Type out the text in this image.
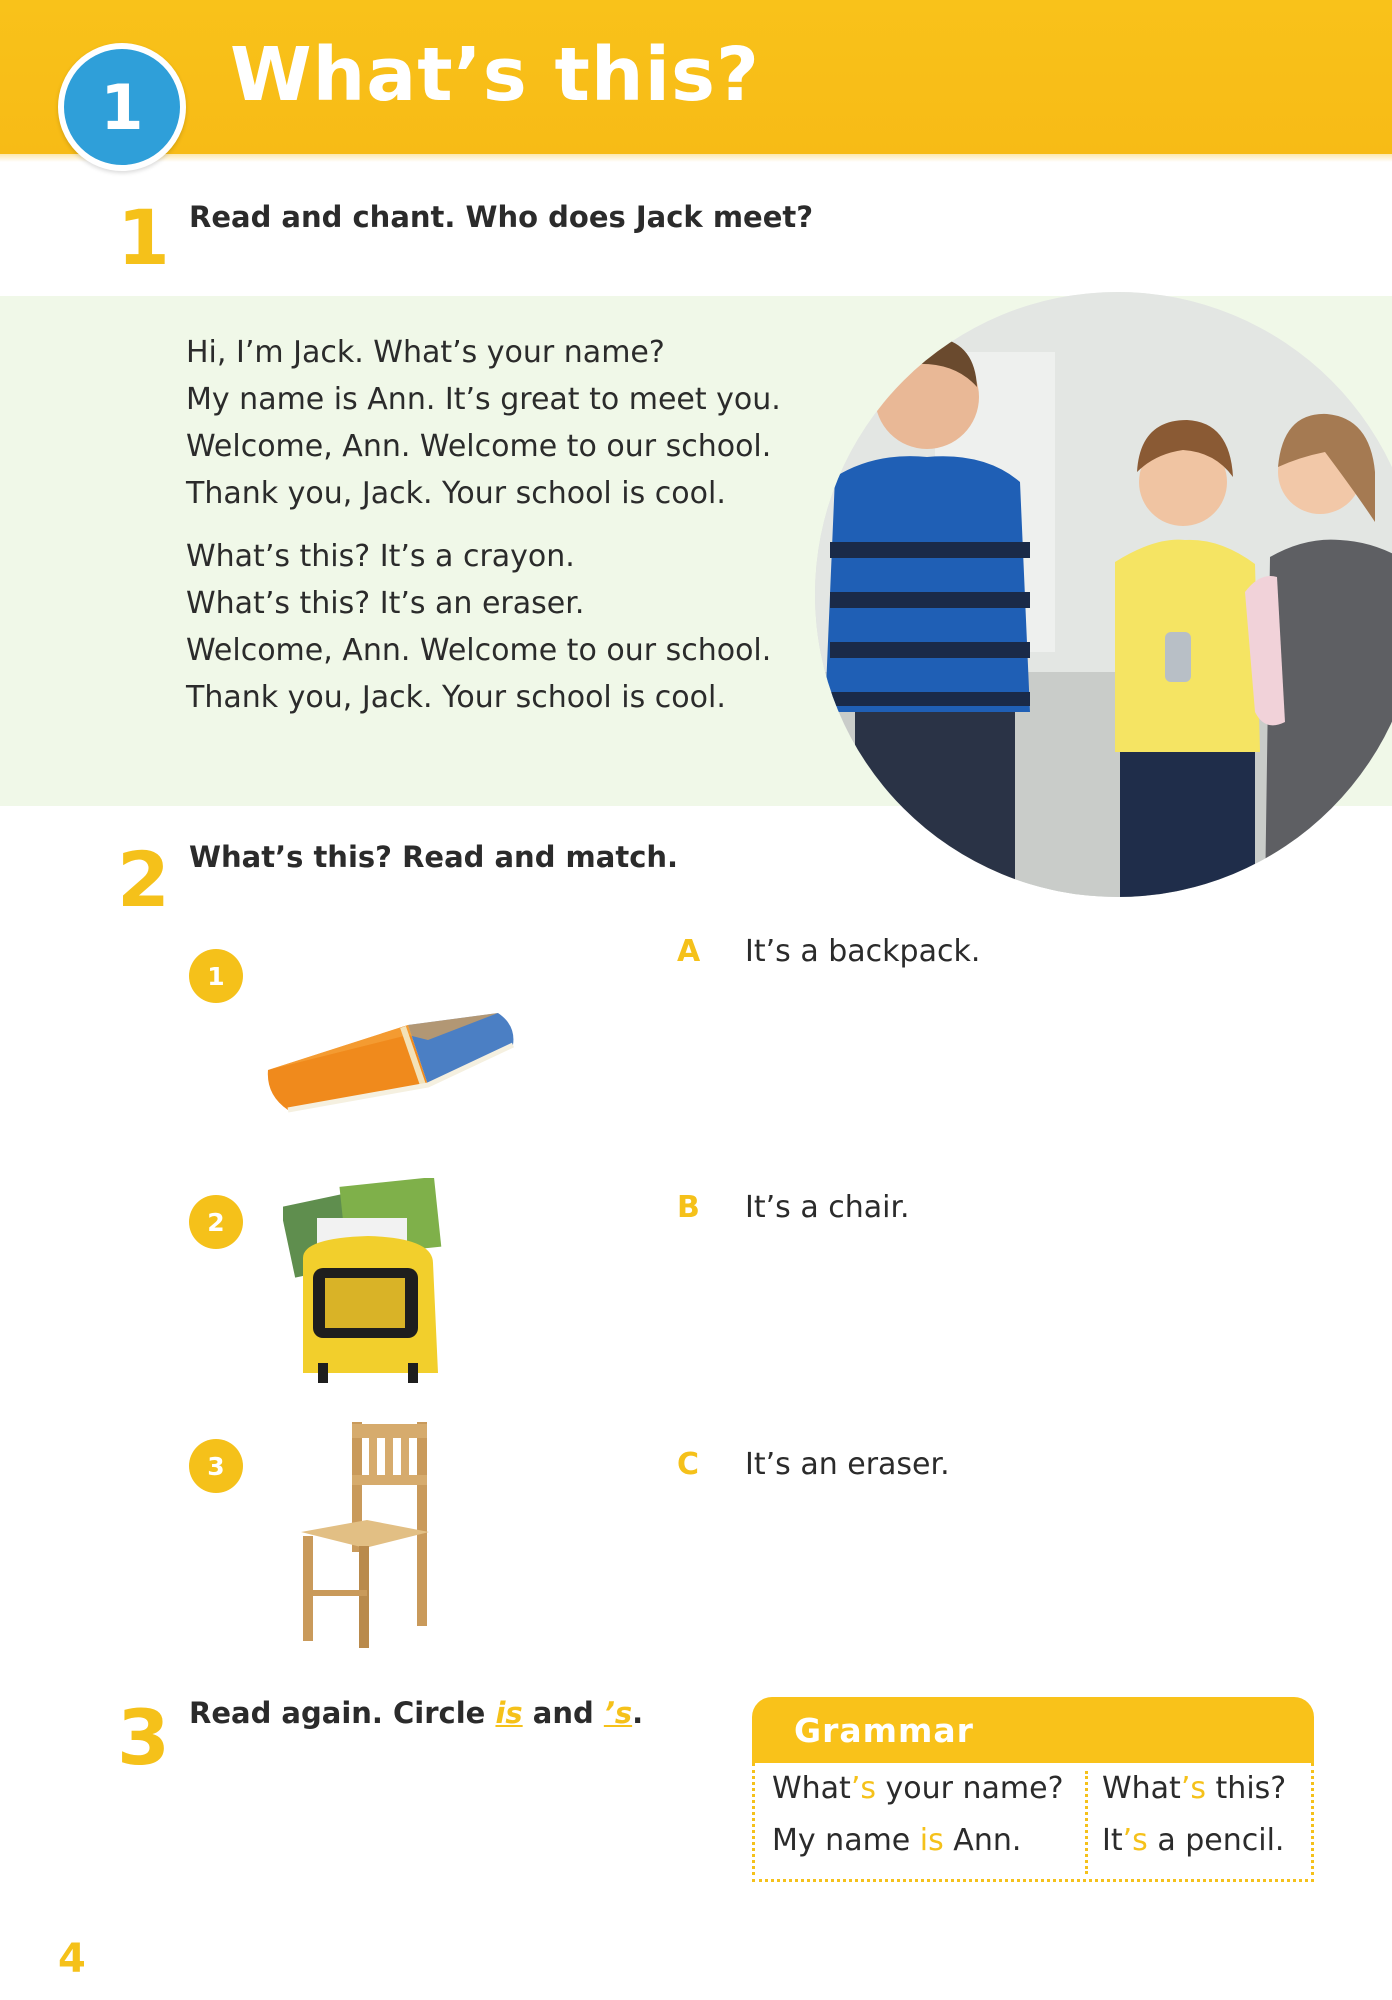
1	What’s this?
1 Read and chant. Who does Jack meet?
Hi, I’m Jack. What’s your name?
My name is Ann. It’s great to meet you.
Welcome, Ann. Welcome to our school.
Thank you, Jack. Your school is cool.
What’s this? It’s a crayon.
What’s this? It’s an eraser.
Welcome, Ann. Welcome to our school.
Thank you, Jack. Your school is cool.
2 What’s this? Read and match.
1
2
3
A It’s a backpack.
B It’s a chair.
C It’s an eraser.
3 Read again. Circle is and ’s.	Grammar
What’s your name?
My name is Ann.
What’s this?
It’s a pencil.
4
